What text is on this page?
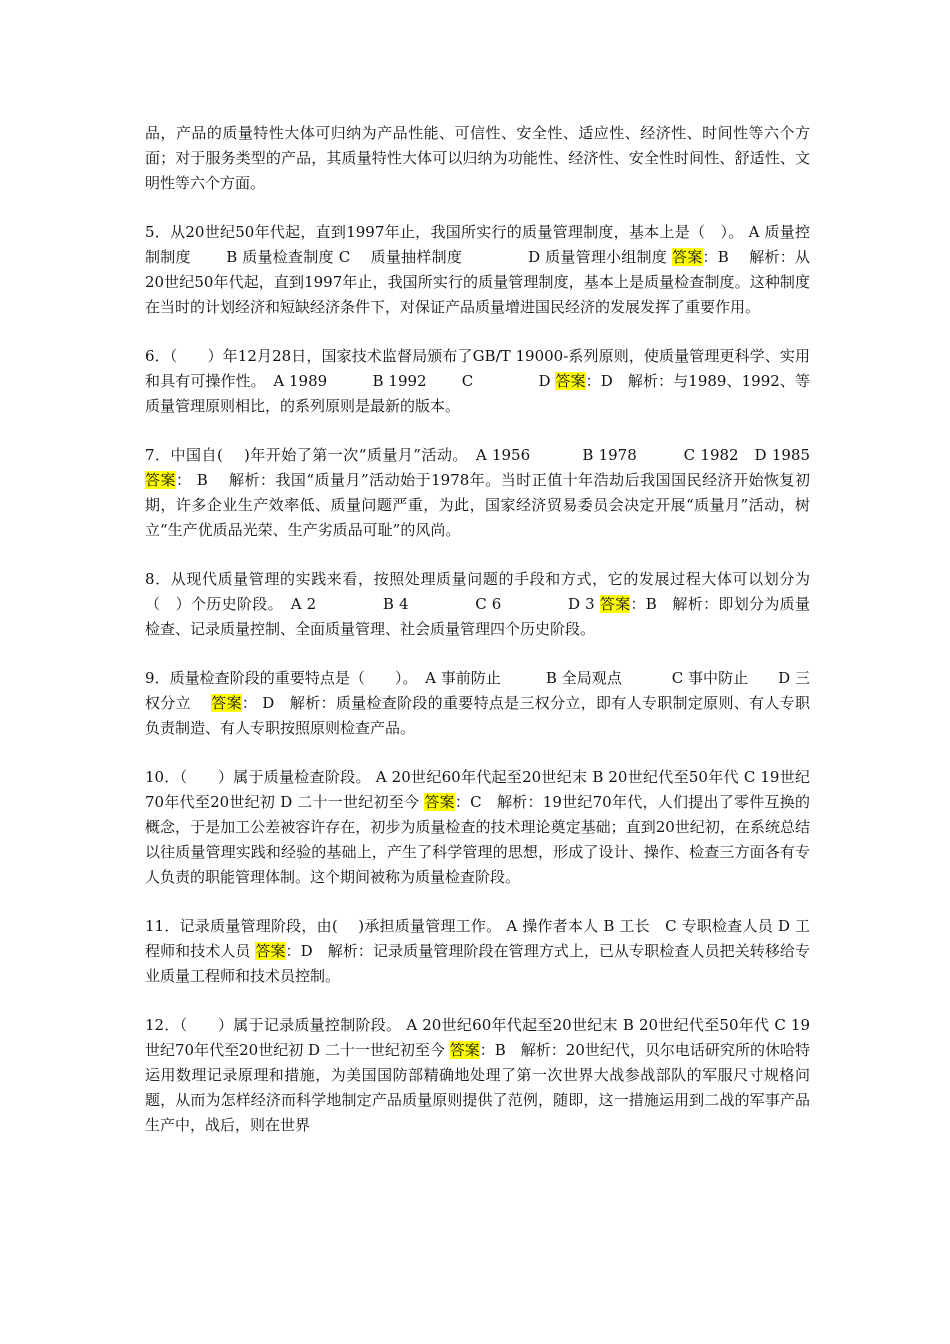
品，产品的质量特性大体可归纳为产品性能、可信性、安全性、适应性、经济性、时间性等六个方面；对于服务类型的产品，其质量特性大体可以归纳为功能性、经济性、安全性时间性、舒适性、文明性等六个方面。

5．从20世纪50年代起，直到1997年止，我国所实行的质量管理制度，基本上是（　）。 A 质量控制制度　　 B 质量检查制度 C　 质量抽样制度　　　　 D 质量管理小组制度 答案：B　 解析：从20世纪50年代起，直到1997年止，我国所实行的质量管理制度，基本上是质量检查制度。这种制度在当时的计划经济和短缺经济条件下，对保证产品质量增进国民经济的发展发挥了重要作用。

6．（　　）年12月28日，国家技术监督局颁布了GB/T 19000-系列原则，使质量管理更科学、实用和具有可操作性。　A 1989　　　B 1992　　 C　　　　 D 答案：D　解析：与1989、1992、等质量管理原则相比，的系列原则是最新的版本。

7．中国自(　 )年开始了第一次“质量月”活动。　A 1956　　　 B 1978　　　C 1982　D 1985 答案： B　 解析：我国“质量月”活动始于1978年。当时正值十年浩劫后我国国民经济开始恢复初期，许多企业生产效率低、质量问题严重，为此，国家经济贸易委员会决定开展“质量月”活动，树立“生产优质品光荣、生产劣质品可耻”的风尚。

8．从现代质量管理的实践来看，按照处理质量问题的手段和方式，它的发展过程大体可以划分为（　）个历史阶段。　A 2　　　　 B 4　　　　 C 6　　　　 D 3 答案：B　解析：即划分为质量检查、记录质量控制、全面质量管理、社会质量管理四个历史阶段。

9．质量检查阶段的重要特点是（　　）。　A 事前防止　　　B 全局观点　　　 C 事中防止　　D 三权分立　 答案： D　解析：质量检查阶段的重要特点是三权分立，即有人专职制定原则、有人专职负责制造、有人专职按照原则检查产品。

10．（　　）属于质量检查阶段。 A 20世纪60年代起至20世纪末 B 20世纪代至50年代 C 19世纪70年代至20世纪初 D 二十一世纪初至今 答案：C　解析：19世纪70年代，人们提出了零件互换的概念，于是加工公差被容许存在，初步为质量检查的技术理论奠定基础；直到20世纪初，在系统总结以往质量管理实践和经验的基础上，产生了科学管理的思想，形成了设计、操作、检查三方面各有专人负责的职能管理体制。这个期间被称为质量检查阶段。

11．记录质量管理阶段，由(　 )承担质量管理工作。 A 操作者本人 B 工长　C 专职检查人员 D 工程师和技术人员 答案：D　解析：记录质量管理阶段在管理方式上，已从专职检查人员把关转移给专业质量工程师和技术员控制。

12．（　　）属于记录质量控制阶段。 A 20世纪60年代起至20世纪末 B 20世纪代至50年代 C 19世纪70年代至20世纪初 D 二十一世纪初至今 答案：B　解析：20世纪代，贝尔电话研究所的休哈特运用数理记录原理和措施，为美国国防部精确地处理了第一次世界大战参战部队的军服尺寸规格问题，从而为怎样经济而科学地制定产品质量原则提供了范例，随即，这一措施运用到二战的军事产品生产中，战后，则在世界
